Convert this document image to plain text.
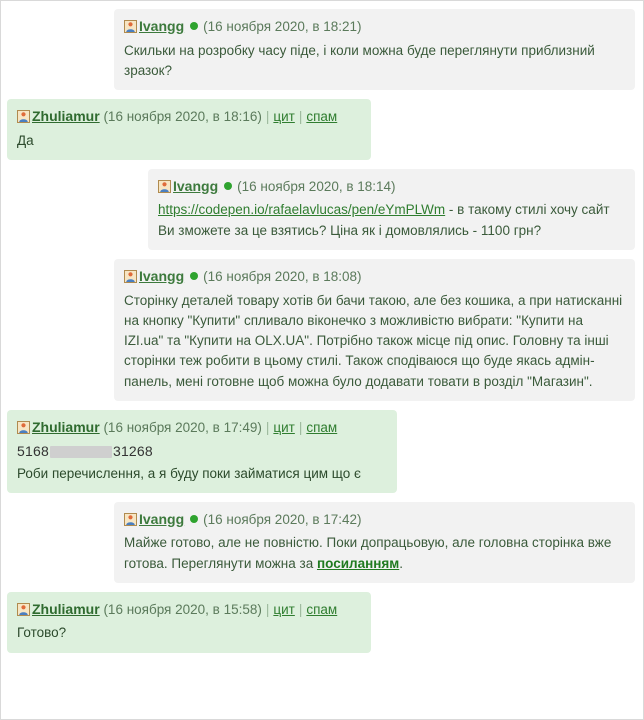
Ivangg (16 ноября 2020, в 18:21)
Скильки на розробку часу піде, і коли можна буде переглянути приблизний зразок?
Zhuliamur (16 ноября 2020, в 18:16) | цит | спам
Да
Ivangg (16 ноября 2020, в 18:14)
https://codepen.io/rafaelavlucas/pen/eYmPLWm - в такому стилі хочу сайт
Ви зможете за це взятись? Ціна як і домовлялись - 1100 грн?
Ivangg (16 ноября 2020, в 18:08)
Сторінку деталей товару хотів би бачи такою, але без кошика, а при натисканні на кнопку "Купити" спливало віконечко з можливістю вибрати: "Купити на IZI.ua" та "Купити на OLX.UA". Потрібно також місце під опис. Головну та інші сторінки теж робити в цьому стилі. Також сподіваюся що буде якась адмін-панель, мені готовне щоб можна було додавати товати в розділ "Магазин".
Zhuliamur (16 ноября 2020, в 17:49) | цит | спам
5168	31268
Роби перечислення, а я буду поки займатися цим що є
Ivangg (16 ноября 2020, в 17:42)
Майже готово, але не повністю. Поки допрацьовую, але головна сторінка вже готова. Переглянути можна за посиланням.
Zhuliamur (16 ноября 2020, в 15:58) | цит | спам
Готово?
